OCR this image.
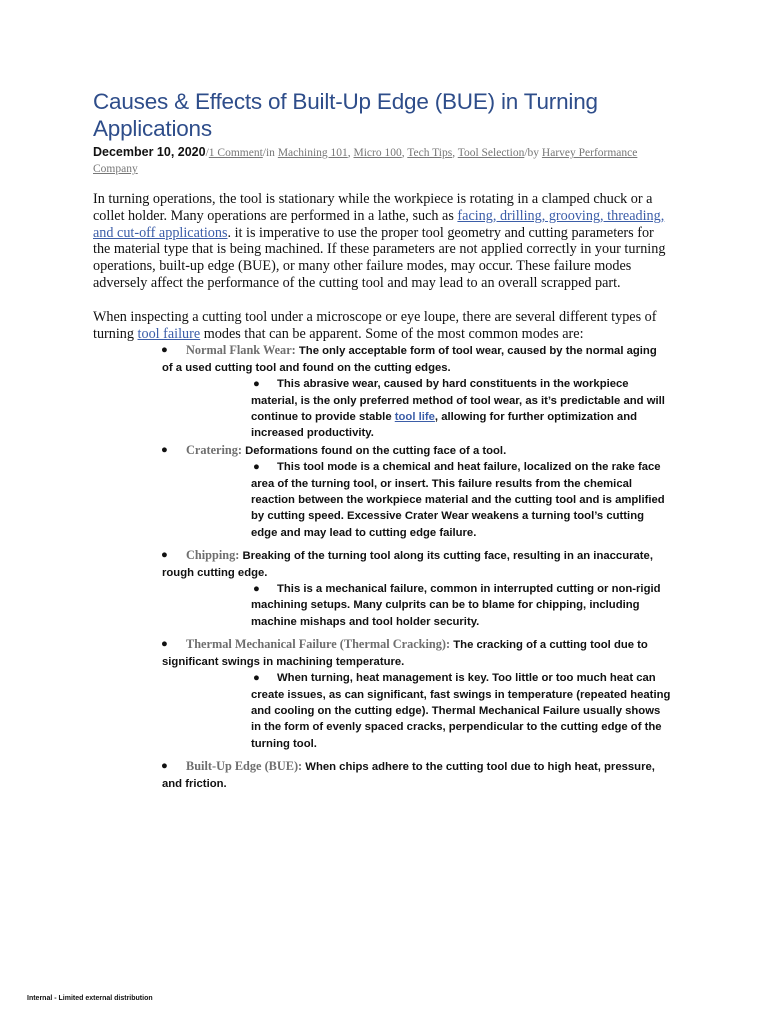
Causes & Effects of Built-Up Edge (BUE) in Turning Applications
December 10, 2020/1 Comment/in Machining 101, Micro 100, Tech Tips, Tool Selection/by Harvey Performance Company

In turning operations, the tool is stationary while the workpiece is rotating in a clamped chuck or a collet holder. Many operations are performed in a lathe, such as facing, drilling, grooving, threading, and cut-off applications. it is imperative to use the proper tool geometry and cutting parameters for the material type that is being machined. If these parameters are not applied correctly in your turning operations, built-up edge (BUE), or many other failure modes, may occur. These failure modes adversely affect the performance of the cutting tool and may lead to an overall scrapped part.

When inspecting a cutting tool under a microscope or eye loupe, there are several different types of turning tool failure modes that can be apparent. Some of the most common modes are:

●	Normal Flank Wear: The only acceptable form of tool wear, caused by the normal aging of a used cutting tool and found on the cutting edges.
●	This abrasive wear, caused by hard constituents in the workpiece material, is the only preferred method of tool wear, as it’s predictable and will continue to provide stable tool life, allowing for further optimization and increased productivity.
●	Cratering: Deformations found on the cutting face of a tool.
●	This tool mode is a chemical and heat failure, localized on the rake face area of the turning tool, or insert. This failure results from the chemical reaction between the workpiece material and the cutting tool and is amplified by cutting speed. Excessive Crater Wear weakens a turning tool’s cutting edge and may lead to cutting edge failure.
●	Chipping: Breaking of the turning tool along its cutting face, resulting in an inaccurate, rough cutting edge.
●	This is a mechanical failure, common in interrupted cutting or non-rigid machining setups. Many culprits can be to blame for chipping, including machine mishaps and tool holder security.
●	Thermal Mechanical Failure (Thermal Cracking): The cracking of a cutting tool due to significant swings in machining temperature.
●	When turning, heat management is key. Too little or too much heat can create issues, as can significant, fast swings in temperature (repeated heating and cooling on the cutting edge). Thermal Mechanical Failure usually shows in the form of evenly spaced cracks, perpendicular to the cutting edge of the turning tool.
●	Built-Up Edge (BUE): When chips adhere to the cutting tool due to high heat, pressure, and friction.
Internal - Limited external distribution
